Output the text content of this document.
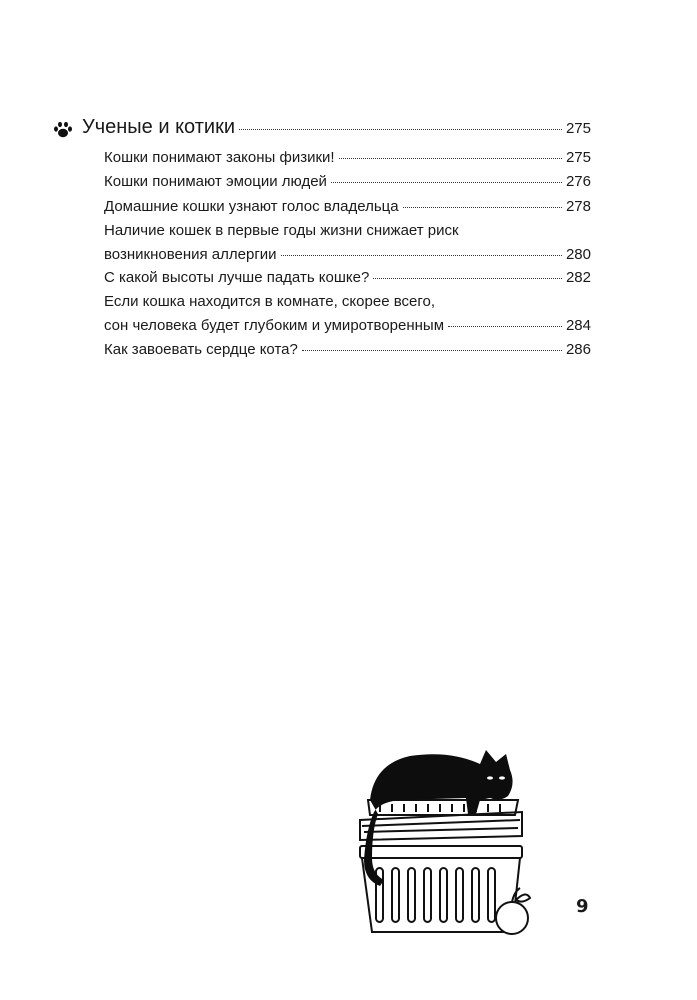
Ученые и котики	275
Кошки понимают законы физики!	275
Кошки понимают эмоции людей	276
Домашние кошки узнают голос владельца	278
Наличие кошек в первые годы жизни снижает риск
возникновения аллергии	280
С какой высоты лучше падать кошке?	282
Если кошка находится в комнате, скорее всего,
сон человека будет глубоким и умиротворенным	284
Как завоевать сердце кота?	286
9
